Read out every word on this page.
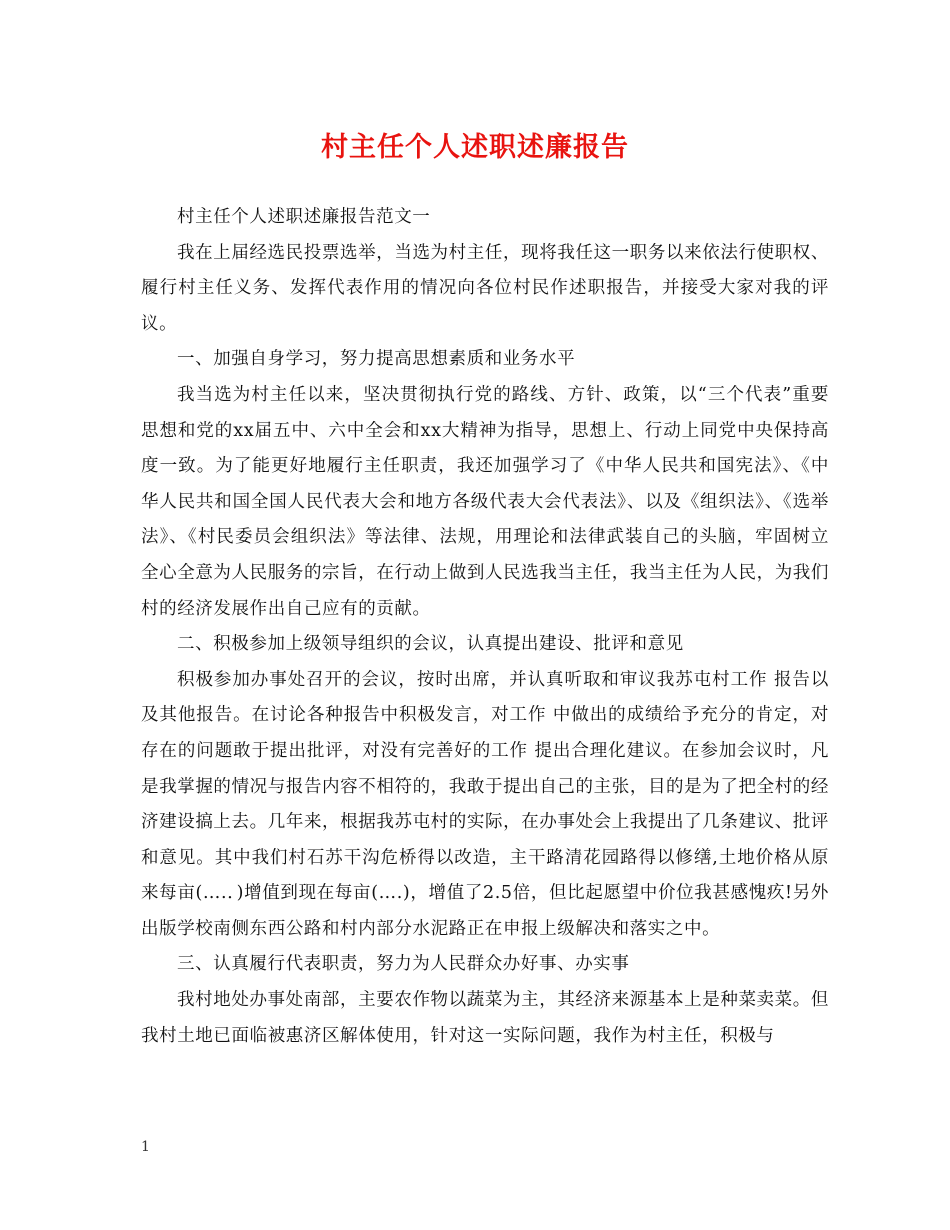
村主任个人述职述廉报告

村主任个人述职述廉报告范文一

我在上届经选民投票选举，当选为村主任，现将我任这一职务以来依法行使职权、履行村主任义务、发挥代表作用的情况向各位村民作述职报告，并接受大家对我的评议。

一、加强自身学习，努力提高思想素质和业务水平

我当选为村主任以来，坚决贯彻执行党的路线、方针、政策，以“三个代表”重要思想和党的xx届五中、六中全会和xx大精神为指导，思想上、行动上同党中央保持高度一致。为了能更好地履行主任职责，我还加强学习了《中华人民共和国宪法》、《中华人民共和国全国人民代表大会和地方各级代表大会代表法》、以及《组织法》、《选举法》、《村民委员会组织法》等法律、法规，用理论和法律武装自己的头脑，牢固树立全心全意为人民服务的宗旨，在行动上做到人民选我当主任，我当主任为人民，为我们村的经济发展作出自己应有的贡献。

二、积极参加上级领导组织的会议，认真提出建设、批评和意见

积极参加办事处召开的会议，按时出席，并认真听取和审议我苏屯村工作 报告以及其他报告。在讨论各种报告中积极发言，对工作 中做出的成绩给予充分的肯定，对存在的问题敢于提出批评，对没有完善好的工作 提出合理化建议。在参加会议时，凡是我掌握的情况与报告内容不相符的，我敢于提出自己的主张，目的是为了把全村的经济建设搞上去。几年来，根据我苏屯村的实际，在办事处会上我提出了几条建议、批评和意见。其中我们村石苏干沟危桥得以改造，主干路清花园路得以修缮,土地价格从原来每亩(….．)增值到现在每亩(….)，增值了2.5倍，但比起愿望中价位我甚感愧疚!另外出版学校南侧东西公路和村内部分水泥路正在申报上级解决和落实之中。

三、认真履行代表职责，努力为人民群众办好事、办实事

我村地处办事处南部，主要农作物以蔬菜为主，其经济来源基本上是种菜卖菜。但我村土地已面临被惠济区解体使用，针对这一实际问题，我作为村主任，积极与

1
